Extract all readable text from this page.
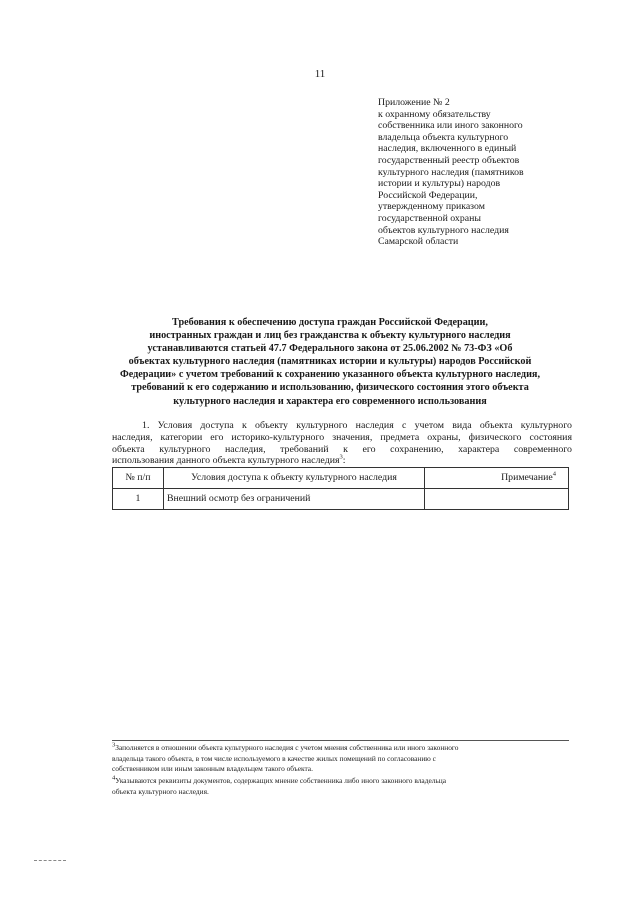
11
Приложение № 2
к охранному обязательству
собственника или иного законного
владельца объекта культурного
наследия, включенного в единый
государственный реестр объектов
культурного наследия (памятников
истории и культуры) народов
Российской Федерации,
утвержденному приказом
государственной охраны
объектов культурного наследия
Самарской области
Требования к обеспечению доступа граждан Российской Федерации,
иностранных граждан и лиц без гражданства к объекту культурного наследия
устанавливаются статьей 47.7 Федерального закона от 25.06.2002 № 73-ФЗ «Об
объектах культурного наследия (памятниках истории и культуры) народов Российской
Федерации» с учетом требований к сохранению указанного объекта культурного наследия,
требований к его содержанию и использованию, физического состояния этого объекта
культурного наследия и характера его современного использования
1. Условия доступа к объекту культурного наследия с учетом вида объекта культурного
наследия, категории его историко-культурного значения, предмета охраны, физического состояния
объекта культурного наследия, требований к его сохранению, характера современного
использования данного объекта культурного наследия$^3$:
№ п/п	Условия доступа к объекту культурного наследия	Примечание$^4$
1	Внешний осмотр без ограничений	
$^3$Заполняется в отношении объекта культурного наследия с учетом мнения собственника или иного законного
владельца такого объекта, в том числе используемого в качестве жилых помещений по согласованию с
собственником или иным законным владельцем такого объекта.
$^4$Указываются реквизиты документов, содержащих мнение собственника либо иного законного владельца
объекта культурного наследия.
